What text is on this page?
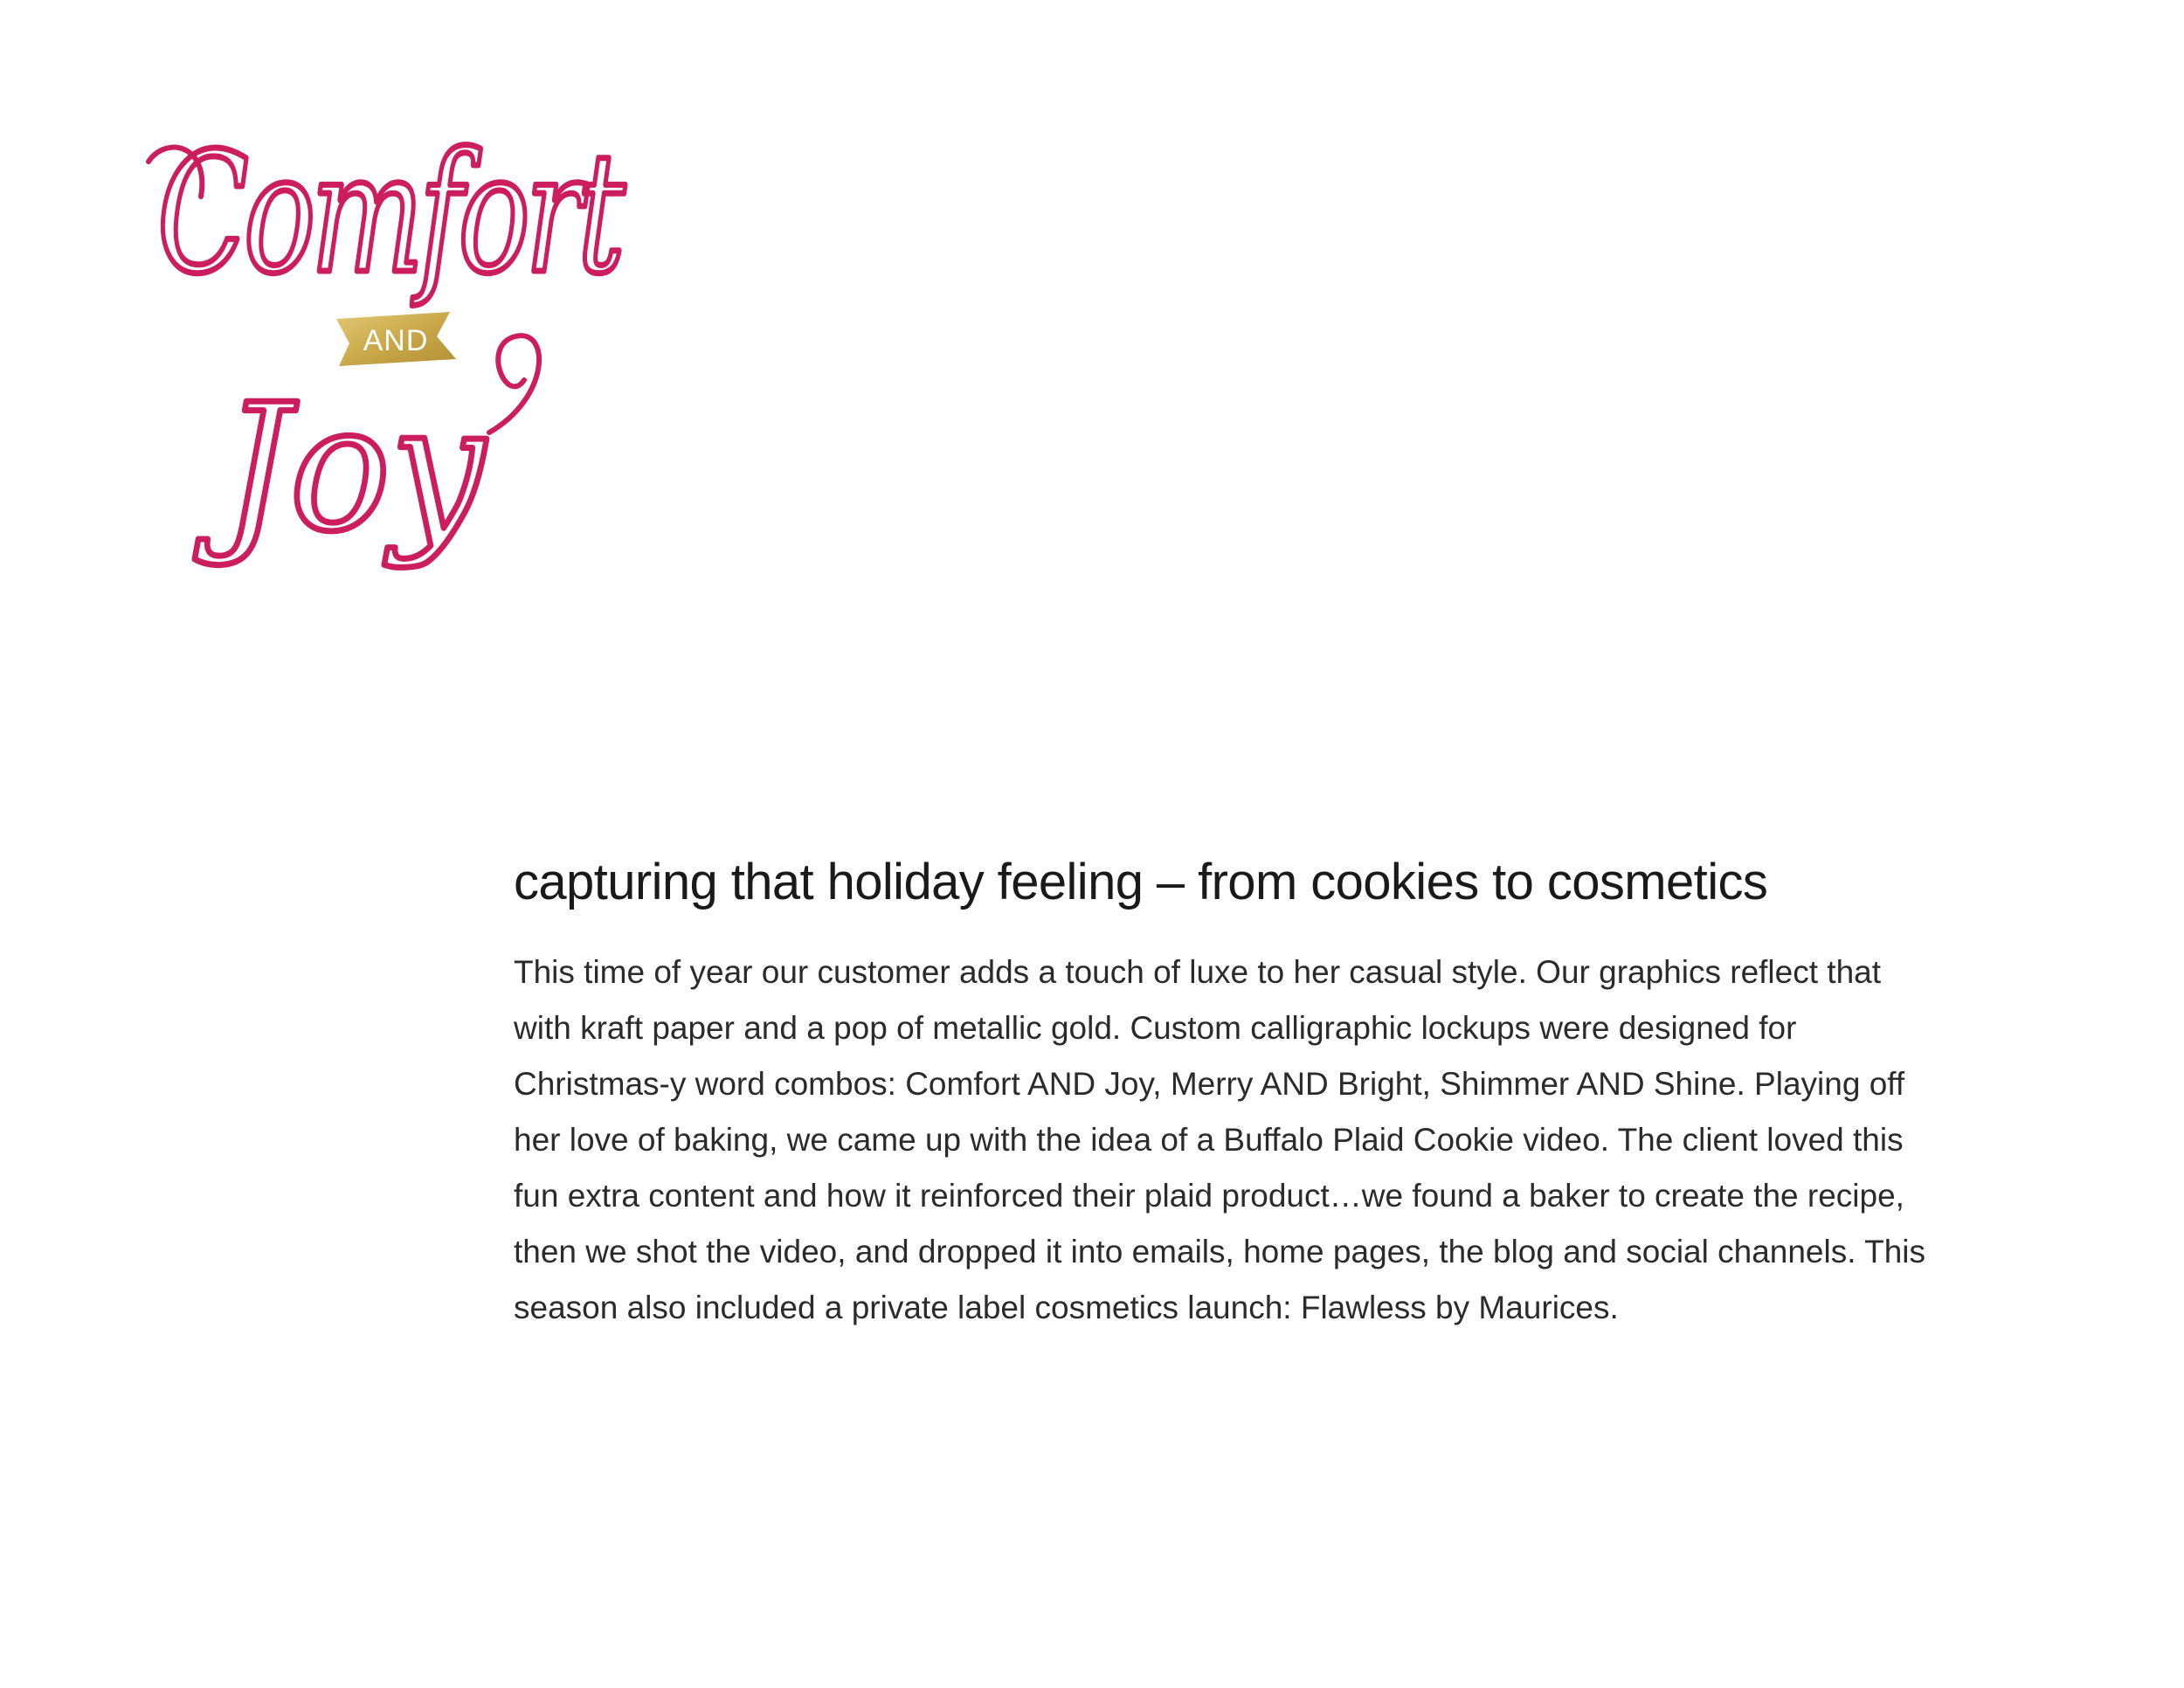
Comfort
AND
Joy
capturing that holiday feeling – from cookies to cosmetics

This time of year our customer adds a touch of luxe to her casual style. Our graphics reflect that with kraft paper and a pop of metallic gold. Custom calligraphic lockups were designed for Christmas-y word combos: Comfort AND Joy, Merry AND Bright, Shimmer AND Shine. Playing off her love of baking, we came up with the idea of a Buffalo Plaid Cookie video. The client loved this fun extra content and how it reinforced their plaid product…we found a baker to create the recipe, then we shot the video, and dropped it into emails, home pages, the blog and social channels. This season also included a private label cosmetics launch: Flawless by Maurices.
